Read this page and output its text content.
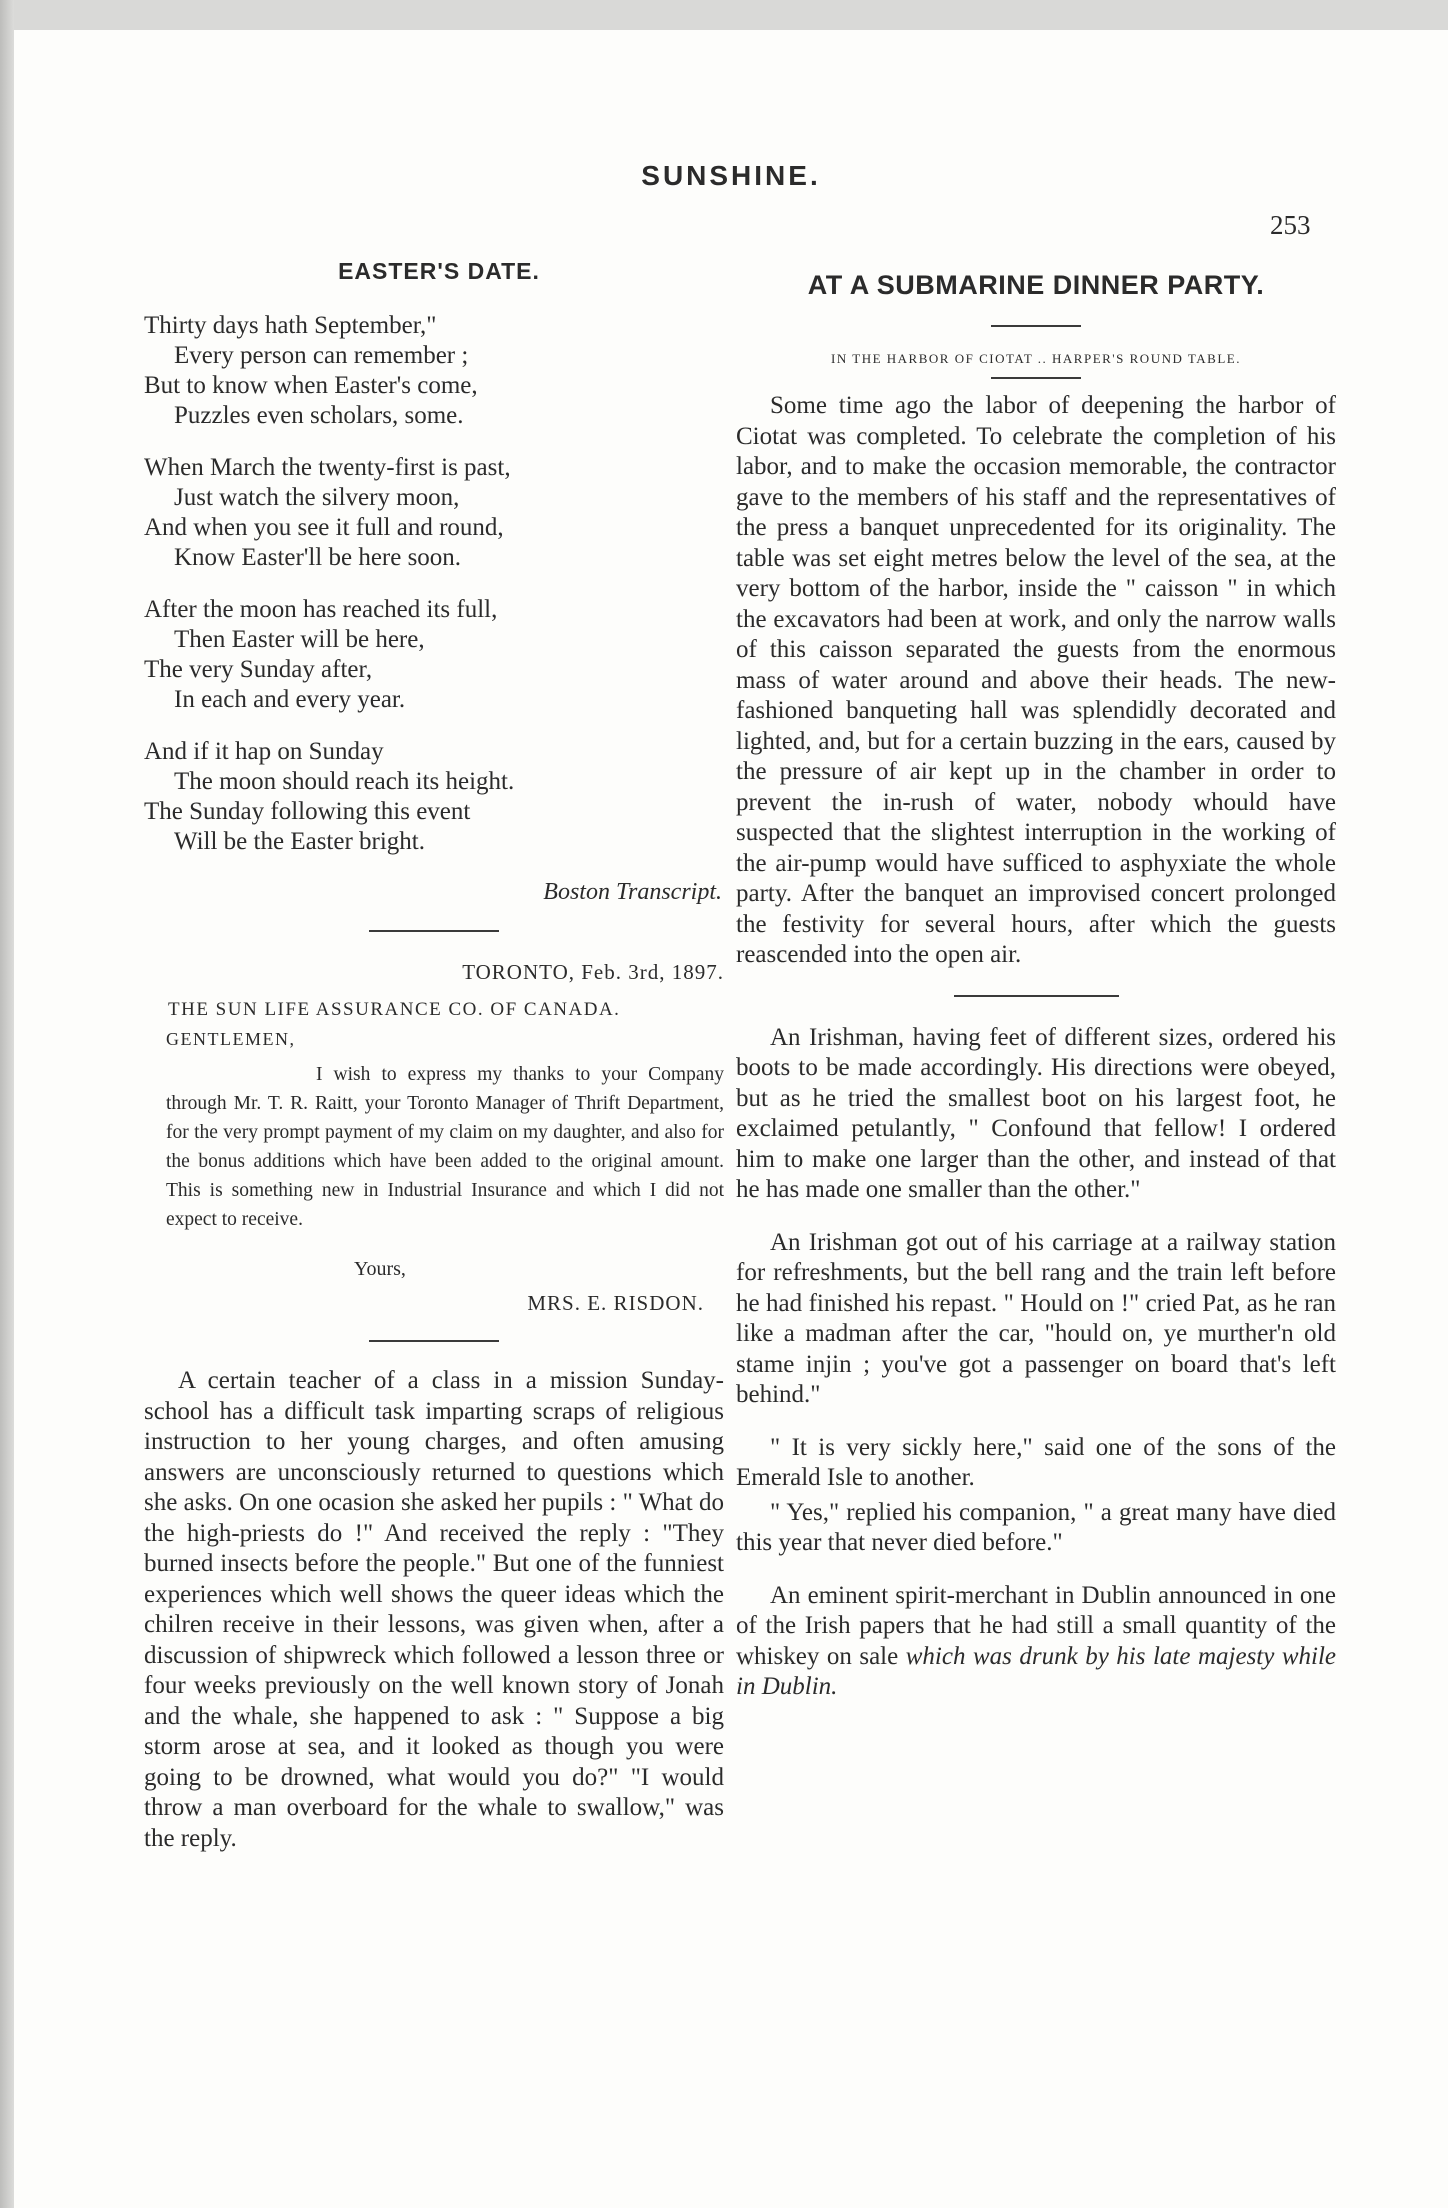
SUNSHINE.
253
EASTER'S DATE.
Thirty days hath September,"
Every person can remember ;
But to know when Easter's come,
Puzzles even scholars, some.
When March the twenty-first is past,
Just watch the silvery moon,
And when you see it full and round,
Know Easter'll be here soon.
After the moon has reached its full,
Then Easter will be here,
The very Sunday after,
In each and every year.
And if it hap on Sunday
The moon should reach its height.
The Sunday following this event
Will be the Easter bright.
Boston Transcript.
TORONTO, Feb. 3rd, 1897.
THE SUN LIFE ASSURANCE CO. OF CANADA.
GENTLEMEN,
I wish to express my thanks to your Company through Mr. T. R. Raitt, your Toronto Manager of Thrift Department, for the very prompt payment of my claim on my daughter, and also for the bonus additions which have been added to the original amount. This is something new in Industrial Insurance and which I did not expect to receive.
Yours,
MRS. E. RISDON.
A certain teacher of a class in a mission Sunday-school has a difficult task imparting scraps of religious instruction to her young charges, and often amusing answers are unconsciously returned to questions which she asks. On one ocasion she asked her pupils : " What do the high-priests do !" And received the reply : "They burned insects before the people." But one of the funniest experiences which well shows the queer ideas which the chilren receive in their lessons, was given when, after a discussion of shipwreck which followed a lesson three or four weeks previously on the well known story of Jonah and the whale, she happened to ask : " Suppose a big storm arose at sea, and it looked as though you were going to be drowned, what would you do?" "I would throw a man overboard for the whale to swallow," was the reply.
AT A SUBMARINE DINNER PARTY.
IN THE HARBOR OF CIOTAT .. HARPER'S ROUND TABLE.
Some time ago the labor of deepening the harbor of Ciotat was completed. To celebrate the completion of his labor, and to make the occasion memorable, the contractor gave to the members of his staff and the representatives of the press a banquet unprecedented for its originality. The table was set eight metres below the level of the sea, at the very bottom of the harbor, inside the " caisson " in which the excavators had been at work, and only the narrow walls of this caisson separated the guests from the enormous mass of water around and above their heads. The new-fashioned banqueting hall was splendidly decorated and lighted, and, but for a certain buzzing in the ears, caused by the pressure of air kept up in the chamber in order to prevent the in-rush of water, nobody whould have suspected that the slightest interruption in the working of the air-pump would have sufficed to asphyxiate the whole party. After the banquet an improvised concert prolonged the festivity for several hours, after which the guests reascended into the open air.
An Irishman, having feet of different sizes, ordered his boots to be made accordingly. His directions were obeyed, but as he tried the smallest boot on his largest foot, he exclaimed petulantly, " Confound that fellow! I ordered him to make one larger than the other, and instead of that he has made one smaller than the other."
An Irishman got out of his carriage at a railway station for refreshments, but the bell rang and the train left before he had finished his repast. " Hould on !" cried Pat, as he ran like a madman after the car, "hould on, ye murther'n old stame injin ; you've got a passenger on board that's left behind."
" It is very sickly here," said one of the sons of the Emerald Isle to another.
" Yes," replied his companion, " a great many have died this year that never died before."
An eminent spirit-merchant in Dublin announced in one of the Irish papers that he had still a small quantity of the whiskey on sale which was drunk by his late majesty while in Dublin.
